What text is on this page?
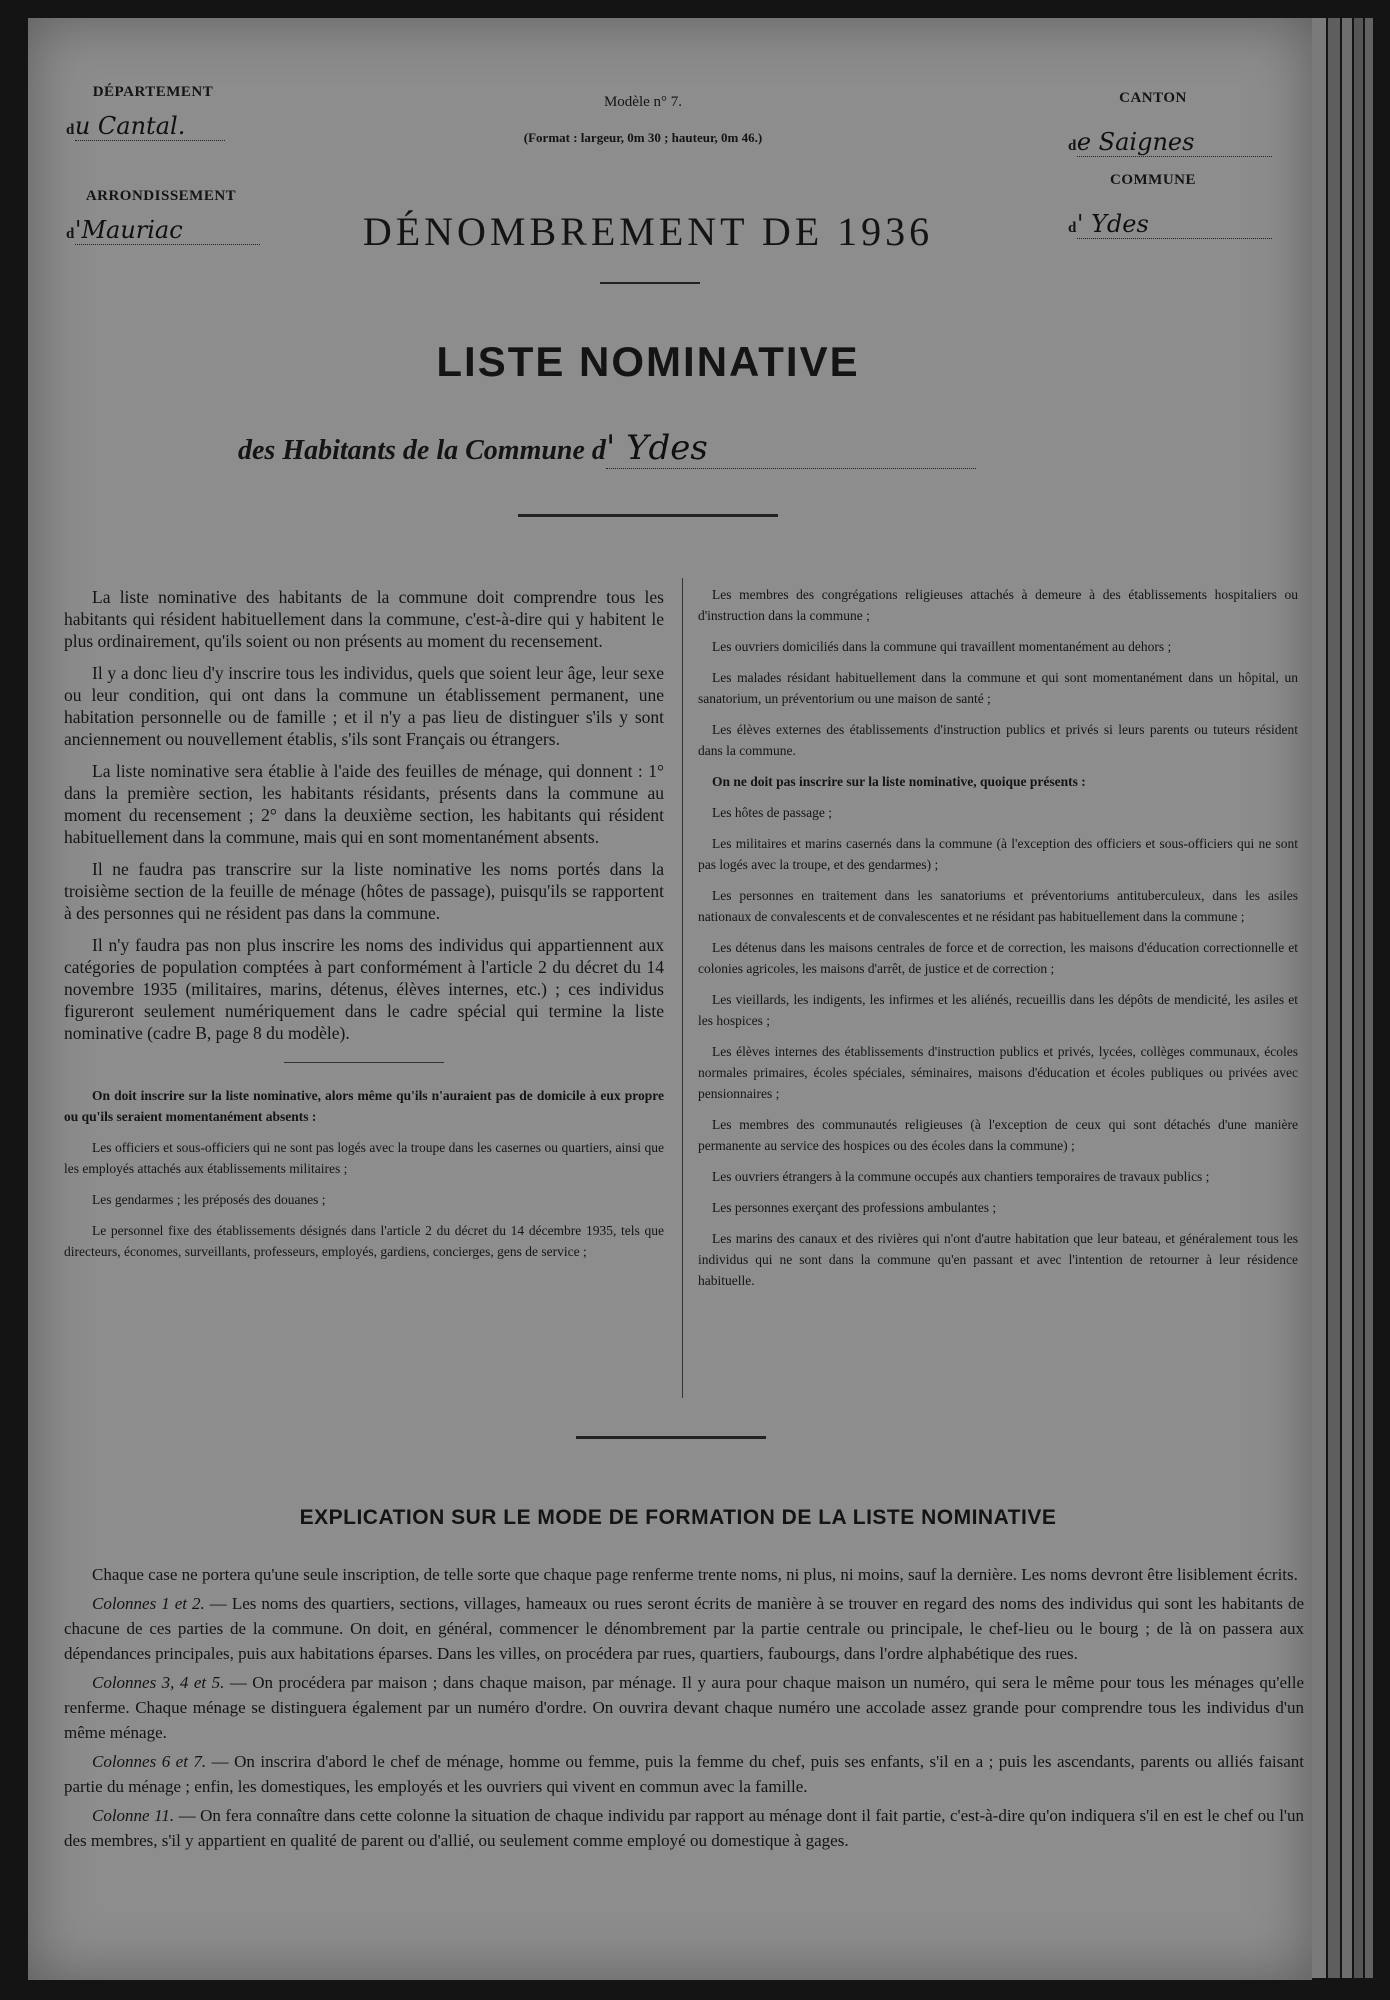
DÉPARTEMENT
du Cantal.
ARRONDISSEMENT
d'Mauriac
Modèle n° 7.
(Format : largeur, 0m 30 ; hauteur, 0m 46.)
CANTON
de Saignes
COMMUNE
d' Ydes
DÉNOMBREMENT DE 1936
LISTE NOMINATIVE
des Habitants de la Commune d' Ydes

La liste nominative des habitants de la commune doit comprendre tous les habitants qui résident habituellement dans la commune, c'est-à-dire qui y habitent le plus ordinairement, qu'ils soient ou non présents au moment du recensement.

Il y a donc lieu d'y inscrire tous les individus, quels que soient leur âge, leur sexe ou leur condition, qui ont dans la commune un établissement permanent, une habitation personnelle ou de famille ; et il n'y a pas lieu de distinguer s'ils y sont anciennement ou nouvellement établis, s'ils sont Français ou étrangers.

La liste nominative sera établie à l'aide des feuilles de ménage, qui donnent : 1° dans la première section, les habitants résidants, présents dans la commune au moment du recensement ; 2° dans la deuxième section, les habitants qui résident habituellement dans la commune, mais qui en sont momentanément absents.

Il ne faudra pas transcrire sur la liste nominative les noms portés dans la troisième section de la feuille de ménage (hôtes de passage), puisqu'ils se rapportent à des personnes qui ne résident pas dans la commune.

Il n'y faudra pas non plus inscrire les noms des individus qui appartiennent aux catégories de population comptées à part conformément à l'article 2 du décret du 14 novembre 1935 (militaires, marins, détenus, élèves internes, etc.) ; ces individus figureront seulement numériquement dans le cadre spécial qui termine la liste nominative (cadre B, page 8 du modèle).

On doit inscrire sur la liste nominative, alors même qu'ils n'auraient pas de domicile à eux propre ou qu'ils seraient momentanément absents :

Les officiers et sous-officiers qui ne sont pas logés avec la troupe dans les casernes ou quartiers, ainsi que les employés attachés aux établissements militaires ;

Les gendarmes ; les préposés des douanes ;

Le personnel fixe des établissements désignés dans l'article 2 du décret du 14 décembre 1935, tels que directeurs, économes, surveillants, professeurs, employés, gardiens, concierges, gens de service ;

Les membres des congrégations religieuses attachés à demeure à des établissements hospitaliers ou d'instruction dans la commune ;

Les ouvriers domiciliés dans la commune qui travaillent momentanément au dehors ;

Les malades résidant habituellement dans la commune et qui sont momentanément dans un hôpital, un sanatorium, un préventorium ou une maison de santé ;

Les élèves externes des établissements d'instruction publics et privés si leurs parents ou tuteurs résident dans la commune.

On ne doit pas inscrire sur la liste nominative, quoique présents :

Les hôtes de passage ;

Les militaires et marins casernés dans la commune (à l'exception des officiers et sous-officiers qui ne sont pas logés avec la troupe, et des gendarmes) ;

Les personnes en traitement dans les sanatoriums et préventoriums antituberculeux, dans les asiles nationaux de convalescents et de convalescentes et ne résidant pas habituellement dans la commune ;

Les détenus dans les maisons centrales de force et de correction, les maisons d'éducation correctionnelle et colonies agricoles, les maisons d'arrêt, de justice et de correction ;

Les vieillards, les indigents, les infirmes et les aliénés, recueillis dans les dépôts de mendicité, les asiles et les hospices ;

Les élèves internes des établissements d'instruction publics et privés, lycées, collèges communaux, écoles normales primaires, écoles spéciales, séminaires, maisons d'éducation et écoles publiques ou privées avec pensionnaires ;

Les membres des communautés religieuses (à l'exception de ceux qui sont détachés d'une manière permanente au service des hospices ou des écoles dans la commune) ;

Les ouvriers étrangers à la commune occupés aux chantiers temporaires de travaux publics ;

Les personnes exerçant des professions ambulantes ;

Les marins des canaux et des rivières qui n'ont d'autre habitation que leur bateau, et généralement tous les individus qui ne sont dans la commune qu'en passant et avec l'intention de retourner à leur résidence habituelle.

EXPLICATION SUR LE MODE DE FORMATION DE LA LISTE NOMINATIVE

Chaque case ne portera qu'une seule inscription, de telle sorte que chaque page renferme trente noms, ni plus, ni moins, sauf la dernière. Les noms devront être lisiblement écrits.

Colonnes 1 et 2. — Les noms des quartiers, sections, villages, hameaux ou rues seront écrits de manière à se trouver en regard des noms des individus qui sont les habitants de chacune de ces parties de la commune. On doit, en général, commencer le dénombrement par la partie centrale ou principale, le chef-lieu ou le bourg ; de là on passera aux dépendances principales, puis aux habitations éparses. Dans les villes, on procédera par rues, quartiers, faubourgs, dans l'ordre alphabétique des rues.

Colonnes 3, 4 et 5. — On procédera par maison ; dans chaque maison, par ménage. Il y aura pour chaque maison un numéro, qui sera le même pour tous les ménages qu'elle renferme. Chaque ménage se distinguera également par un numéro d'ordre. On ouvrira devant chaque numéro une accolade assez grande pour comprendre tous les individus d'un même ménage.

Colonnes 6 et 7. — On inscrira d'abord le chef de ménage, homme ou femme, puis la femme du chef, puis ses enfants, s'il en a ; puis les ascendants, parents ou alliés faisant partie du ménage ; enfin, les domestiques, les employés et les ouvriers qui vivent en commun avec la famille.

Colonne 11. — On fera connaître dans cette colonne la situation de chaque individu par rapport au ménage dont il fait partie, c'est-à-dire qu'on indiquera s'il en est le chef ou l'un des membres, s'il y appartient en qualité de parent ou d'allié, ou seulement comme employé ou domestique à gages.
